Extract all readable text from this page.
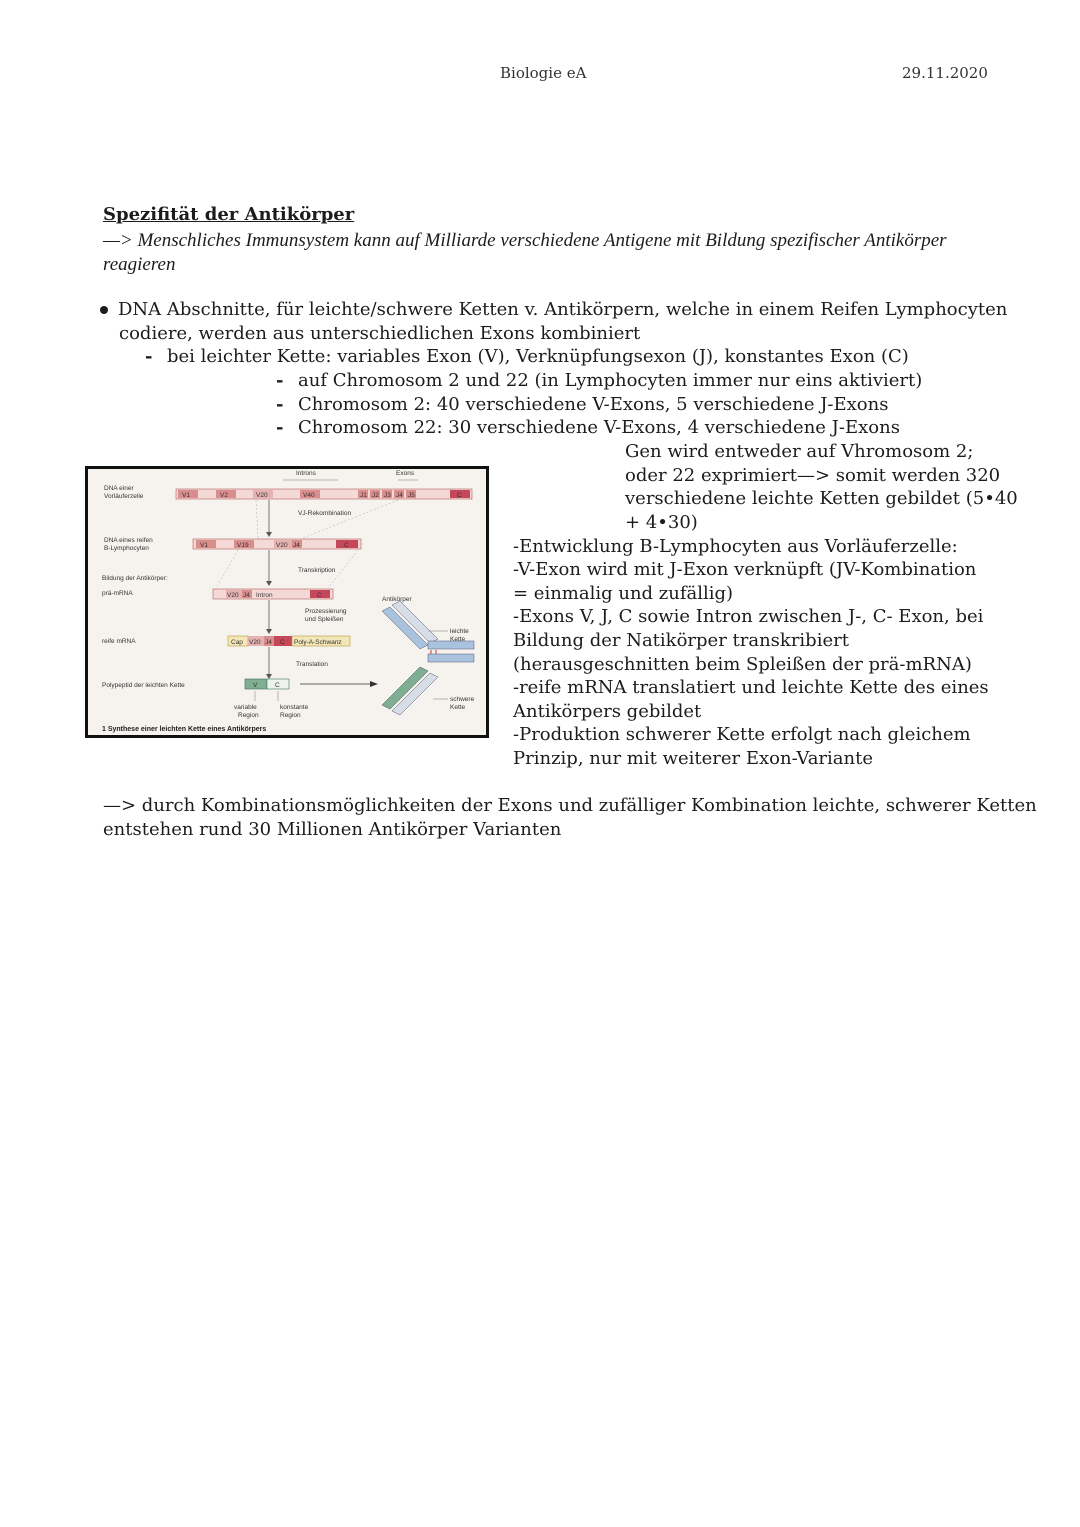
Biologie eA	29.11.2020
Spezifität der Antikörper
—> Menschliches Immunsystem kann auf Milliarde verschiedene Antigene mit Bildung spezifischer Antikörper
reagieren
DNA Abschnitte, für leichte/schwere Ketten v. Antikörpern, welche in einem Reifen Lymphocyten
codiere, werden aus unterschiedlichen Exons kombiniert
- bei leichter Kette: variables Exon (V), Verknüpfungsexon (J), konstantes Exon (C)
- auf Chromosom 2 und 22 (in Lymphocyten immer nur eins aktiviert)
- Chromosom 2: 40 verschiedene V-Exons, 5 verschiedene J-Exons
- Chromosom 22: 30 verschiedene V-Exons, 4 verschiedene J-Exons
Gen wird entweder auf Vhromosom 2;
oder 22 exprimiert—> somit werden 320
verschiedene leichte Ketten gebildet (5•40
+ 4•30)
-Entwicklung B-Lymphocyten aus Vorläuferzelle:
-V-Exon wird mit J-Exon verknüpft (JV-Kombination
= einmalig und zufällig)
-Exons V, J, C sowie Intron zwischen J-, C- Exon, bei
Bildung der Natikörper transkribiert
(herausgeschnitten beim Spleißen der prä-mRNA)
-reife mRNA translatiert und leichte Kette des eines
Antikörpers gebildet
-Produktion schwerer Kette erfolgt nach gleichem
Prinzip, nur mit weiterer Exon-Variante
—> durch Kombinationsmöglichkeiten der Exons und zufälliger Kombination leichte, schwerer Ketten
entstehen rund 30 Millionen Antikörper Varianten
DNA einer
Vorläuferzelle
DNA eines reifen
B-Lymphocyten
Bildung der Antikörper:
prä-mRNA
reife mRNA
Polypeptid der leichten Kette
Introns	Exons
V1	V2	V20	V40	J1 J2 J3 J4 J5	C
VJ-Rekombination
V1	V19	V20 J4	C
Transkription
V20 J4 Intron	C
Prozessierung
und Spleißen
Cap V20 J4 C Poly-A-Schwanz
Translation
V	C
variable
Region
konstante
Region
Antikörper
leichte
Kette
schwere
Kette
1 Synthese einer leichten Kette eines Antikörpers
